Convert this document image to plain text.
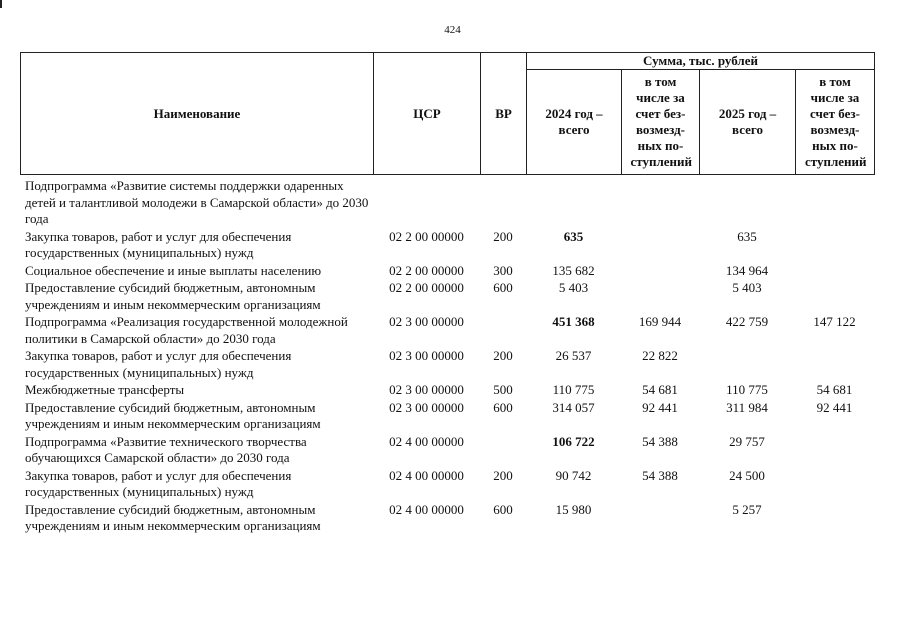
424
Наименование	ЦСР	ВР	Сумма, тыс. рублей			

			2024 год – всего	в том числе за счет без-возмезд-ных по-ступлений	2025 год – всего	в том числе за счет без-возмезд-ных по-ступлений
Подпрограмма «Развитие системы поддержки одаренных детей и талантливой молодежи в Самарской области» до 2030 года						
Закупка товаров, работ и услуг для обеспечения государственных (муниципальных) нужд	02 2 00 00000	200	635		635	
Социальное обеспечение и иные выплаты населению	02 2 00 00000	300	135 682		134 964	
Предоставление субсидий бюджетным, автономным учреждениям и иным некоммерческим организациям	02 2 00 00000	600	5 403		5 403	
Подпрограмма «Реализация государственной молодежной политики в Самарской области» до 2030 года	02 3 00 00000		451 368	169 944	422 759	147 122
Закупка товаров, работ и услуг для обеспечения государственных (муниципальных) нужд	02 3 00 00000	200	26 537	22 822		
Межбюджетные трансферты	02 3 00 00000	500	110 775	54 681	110 775	54 681
Предоставление субсидий бюджетным, автономным учреждениям и иным некоммерческим организациям	02 3 00 00000	600	314 057	92 441	311 984	92 441
Подпрограмма «Развитие технического творчества обучающихся Самарской области» до 2030 года	02 4 00 00000		106 722	54 388	29 757	
Закупка товаров, работ и услуг для обеспечения государственных (муниципальных) нужд	02 4 00 00000	200	90 742	54 388	24 500	
Предоставление субсидий бюджетным, автономным учреждениям и иным некоммерческим организациям	02 4 00 00000	600	15 980		5 257	
